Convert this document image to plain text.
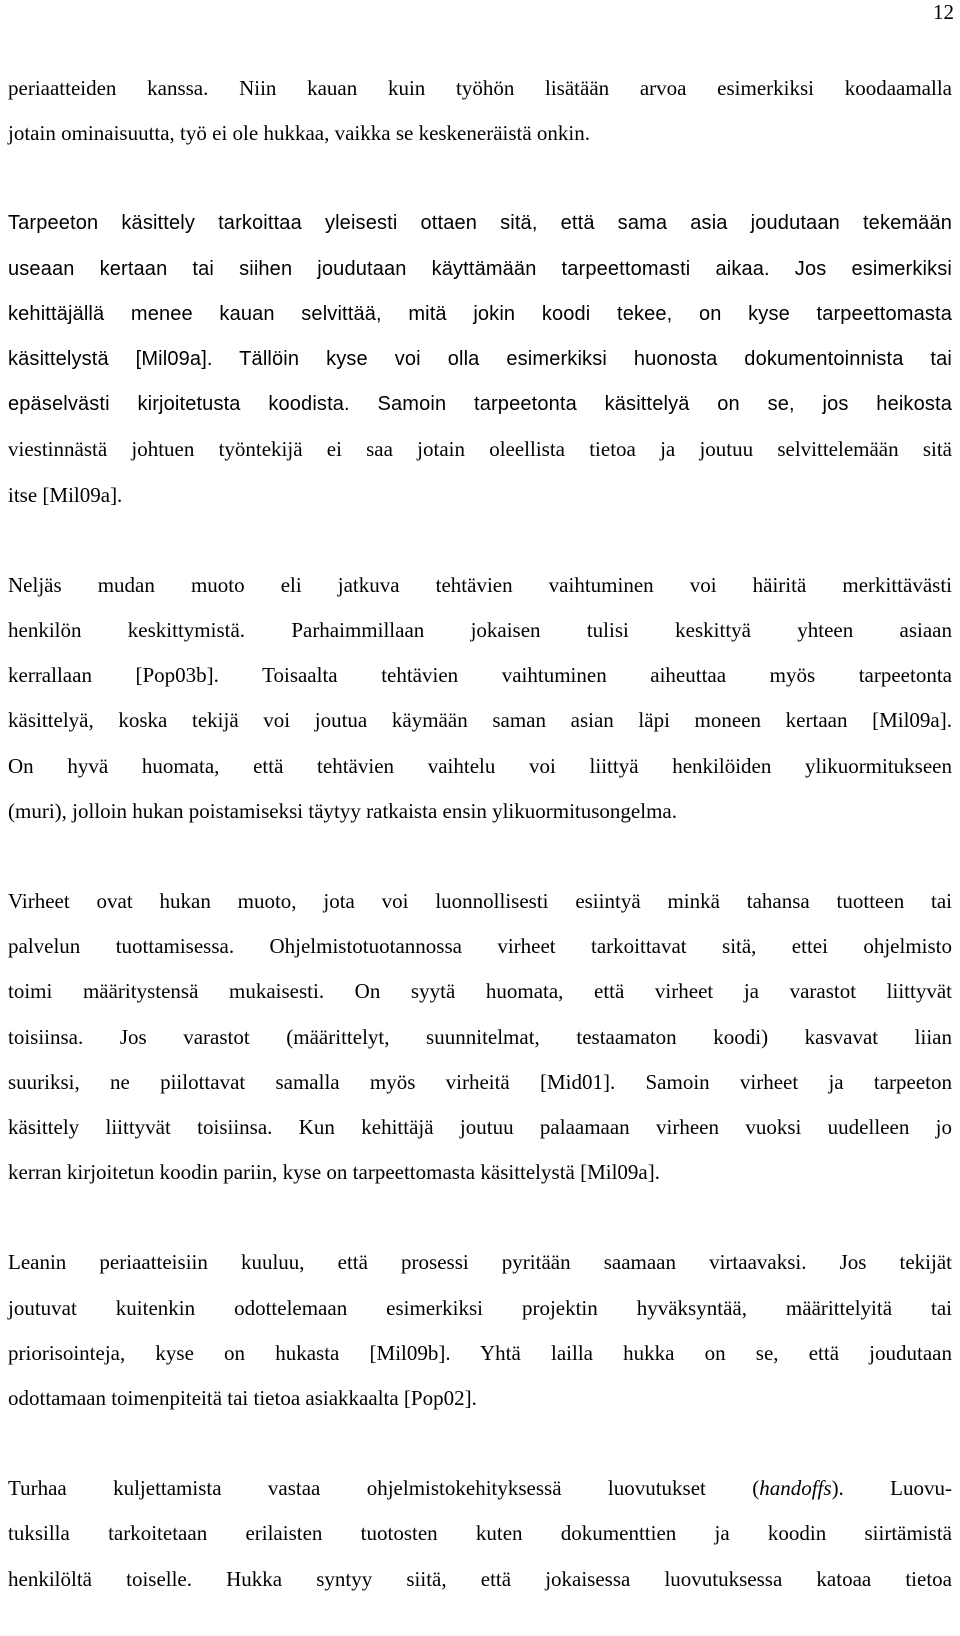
12

periaatteiden kanssa. Niin kauan kuin työhön lisätään arvoa esimerkiksi koodaamalla
jotain ominaisuutta, työ ei ole hukkaa, vaikka se keskeneräistä onkin.

Tarpeeton käsittely tarkoittaa yleisesti ottaen sitä, että sama asia joudutaan tekemään
useaan kertaan tai siihen joudutaan käyttämään tarpeettomasti aikaa. Jos esimerkiksi
kehittäjällä menee kauan selvittää, mitä jokin koodi tekee, on kyse tarpeettomasta
käsittelystä [Mil09a]. Tällöin kyse voi olla esimerkiksi huonosta dokumentoinnista tai
epäselvästi kirjoitetusta koodista. Samoin tarpeetonta käsittelyä on se, jos heikosta
viestinnästä johtuen työntekijä ei saa jotain oleellista tietoa ja joutuu selvittelemään sitä
itse [Mil09a].

Neljäs mudan muoto eli jatkuva tehtävien vaihtuminen voi häiritä merkittävästi
henkilön keskittymistä. Parhaimmillaan jokaisen tulisi keskittyä yhteen asiaan
kerrallaan [Pop03b]. Toisaalta tehtävien vaihtuminen aiheuttaa myös tarpeetonta
käsittelyä, koska tekijä voi joutua käymään saman asian läpi moneen kertaan [Mil09a].
On hyvä huomata, että tehtävien vaihtelu voi liittyä henkilöiden ylikuormitukseen
(muri), jolloin hukan poistamiseksi täytyy ratkaista ensin ylikuormitusongelma.

Virheet ovat hukan muoto, jota voi luonnollisesti esiintyä minkä tahansa tuotteen tai
palvelun tuottamisessa. Ohjelmistotuotannossa virheet tarkoittavat sitä, ettei ohjelmisto
toimi määritystensä mukaisesti. On syytä huomata, että virheet ja varastot liittyvät
toisiinsa. Jos varastot (määrittelyt, suunnitelmat, testaamaton koodi) kasvavat liian
suuriksi, ne piilottavat samalla myös virheitä [Mid01]. Samoin virheet ja tarpeeton
käsittely liittyvät toisiinsa. Kun kehittäjä joutuu palaamaan virheen vuoksi uudelleen jo
kerran kirjoitetun koodin pariin, kyse on tarpeettomasta käsittelystä [Mil09a].

Leanin periaatteisiin kuuluu, että prosessi pyritään saamaan virtaavaksi. Jos tekijät
joutuvat kuitenkin odottelemaan esimerkiksi projektin hyväksyntää, määrittelyitä tai
priorisointeja, kyse on hukasta [Mil09b]. Yhtä lailla hukka on se, että joudutaan
odottamaan toimenpiteitä tai tietoa asiakkaalta [Pop02].

Turhaa kuljettamista vastaa ohjelmistokehityksessä luovutukset (handoffs). Luovu-
tuksilla tarkoitetaan erilaisten tuotosten kuten dokumenttien ja koodin siirtämistä
henkilöltä toiselle. Hukka syntyy siitä, että jokaisessa luovutuksessa katoaa tietoa
